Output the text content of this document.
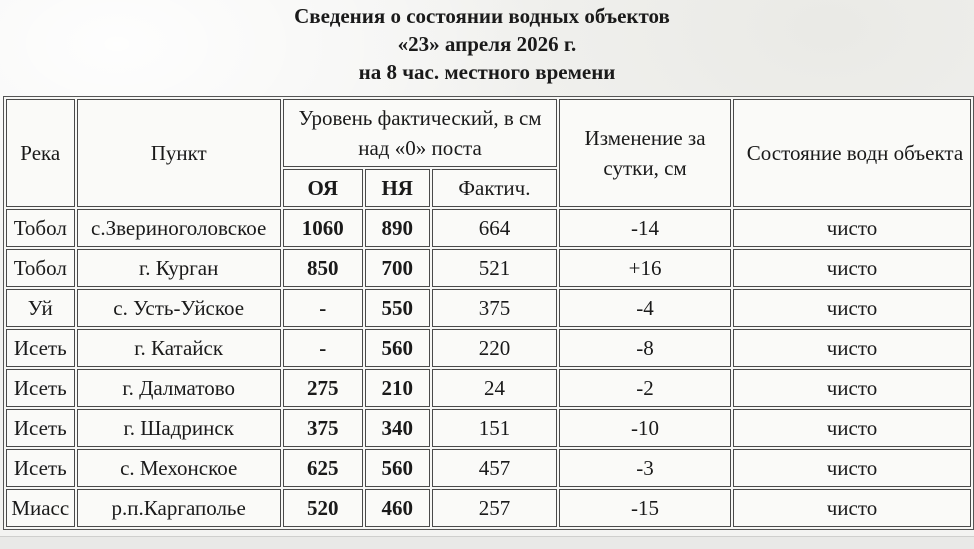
Сведения о состоянии водных объектов
«23» апреля 2026 г.
на 8 час. местного времени
Река	Пункт	Уровень фактический, в см над «0» поста			Изменение за сутки, см	Состояние водн объекта

		ОЯ	НЯ	Фактич.		
Тобол	с.Звериноголовское	1060	890	664	-14	чисто
Тобол	г. Курган	850	700	521	+16	чисто
Уй	с. Усть-Уйское	-	550	375	-4	чисто
Исеть	г. Катайск	-	560	220	-8	чисто
Исеть	г. Далматово	275	210	24	-2	чисто
Исеть	г. Шадринск	375	340	151	-10	чисто
Исеть	с. Мехонское	625	560	457	-3	чисто
Миасс	р.п.Каргаполье	520	460	257	-15	чисто
